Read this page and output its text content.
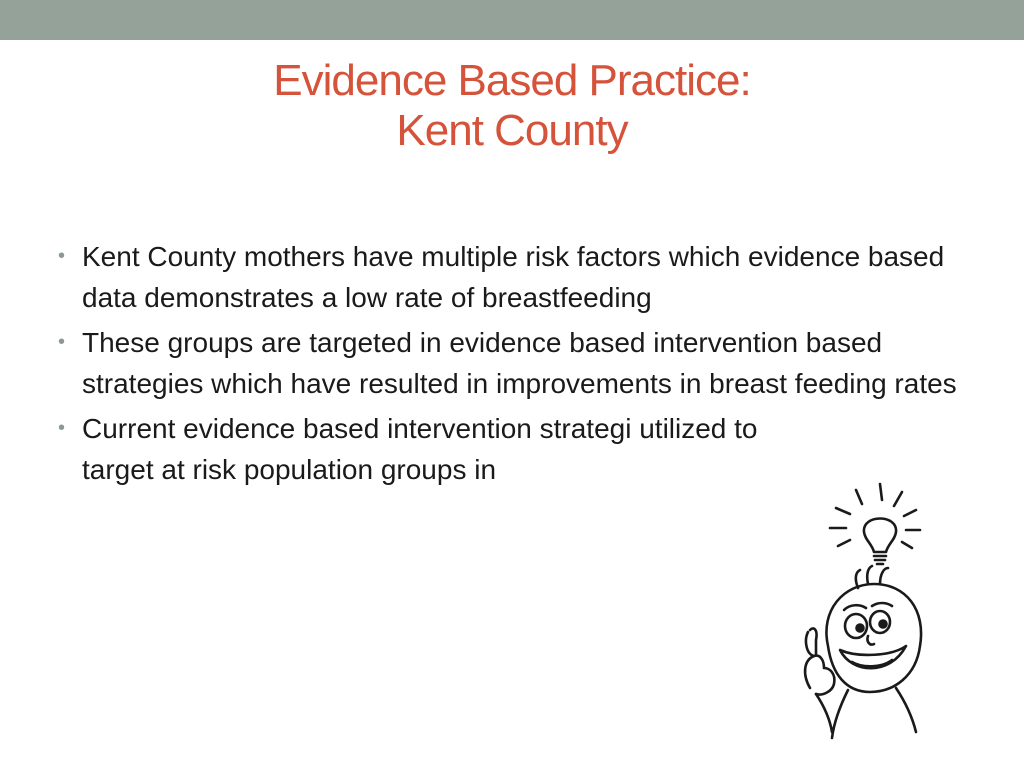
Evidence Based Practice:
Kent County
• Kent County mothers have multiple risk factors which evidence based data demonstrates a low rate of breastfeeding
• These groups are targeted in evidence based intervention based strategies which have resulted in improvements in breast feeding rates
• Current evidence based intervention strategi utilized to target at risk population groups in
